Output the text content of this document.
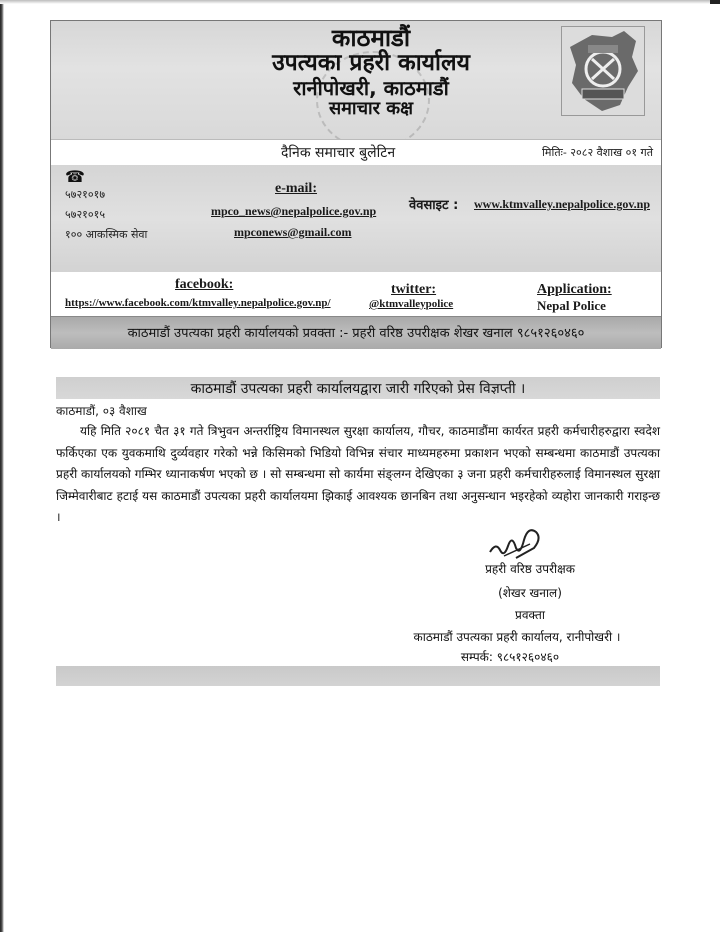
काठमाडौं
उपत्यका प्रहरी कार्यालय
रानीपोखरी, काठमाडौं
समाचार कक्ष
दैनिक समाचार बुलेटिन	मितिः- २०८२ वैशाख ०१ गते
☎
५७२१०१७
५७२१०१५
१०० आकस्मिक सेवा
e-mail:
mpco_news@nepalpolice.gov.np
mpconews@gmail.com
वेवसाइट : www.ktmvalley.nepalpolice.gov.np
facebook:
https://www.facebook.com/ktmvalley.nepalpolice.gov.np/
twitter:
@ktmvalleypolice
Application:
Nepal Police
काठमाडौं उपत्यका प्रहरी कार्यालयको प्रवक्ता :- प्रहरी वरिष्ठ उपरीक्षक शेखर खनाल ९८५१२६०४६०
काठमाडौं उपत्यका प्रहरी कार्यालयद्वारा जारी गरिएको प्रेस विज्ञप्ती ।
काठमाडौं, ०३ वैशाख
यहि मिति २०८१ चैत ३१ गते त्रिभुवन अन्तर्राष्ट्रिय विमानस्थल सुरक्षा कार्यालय, गौचर, काठमाडौंमा कार्यरत प्रहरी कर्मचारीहरुद्वारा स्वदेश फर्किएका एक युवकमाथि दुर्व्यवहार गरेको भन्ने किसिमको भिडियो विभिन्न संचार माध्यमहरुमा प्रकाशन भएको सम्बन्धमा काठमाडौं उपत्यका प्रहरी कार्यालयको गम्भिर ध्यानाकर्षण भएको छ । सो सम्बन्धमा सो कार्यमा संङ्लग्न देखिएका ३ जना प्रहरी कर्मचारीहरुलाई विमानस्थल सुरक्षा जिम्मेवारीबाट हटाई यस काठमाडौं उपत्यका प्रहरी कार्यालयमा झिकाई आवश्यक छानबिन तथा अनुसन्धान भइरहेको व्यहोरा जानकारी गराइन्छ ।
प्रहरी वरिष्ठ उपरीक्षक
(शेखर खनाल)
प्रवक्ता
काठमाडौं उपत्यका प्रहरी कार्यालय, रानीपोखरी ।
सम्पर्क: ९८५१२६०४६०
